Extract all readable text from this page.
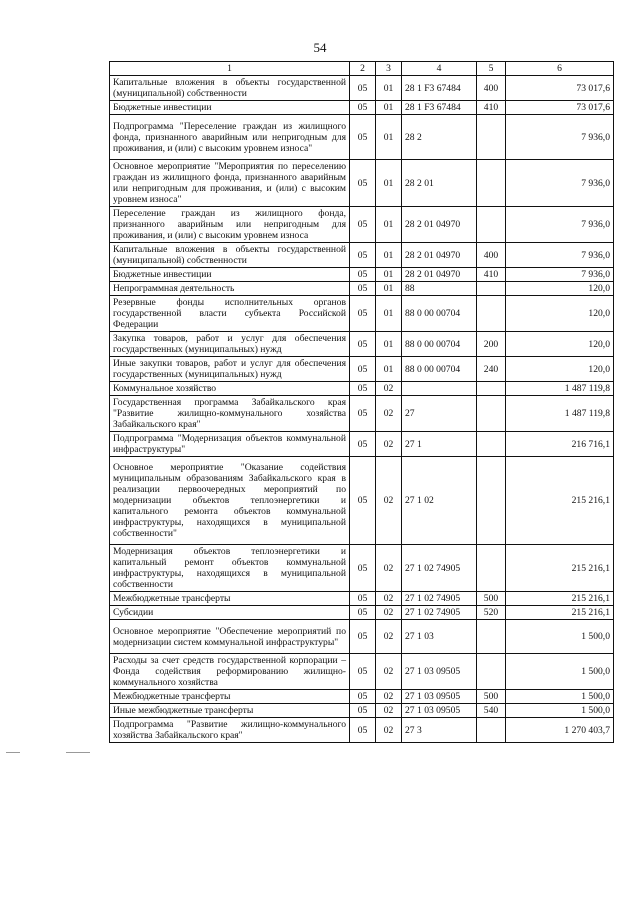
54
1	2	3	4	5	6
Капитальные вложения в объекты государственной (муниципальной) собственности	05	01	28 1 F3 67484	400	73 017,6
Бюджетные инвестиции	05	01	28 1 F3 67484	410	73 017,6
Подпрограмма "Переселение граждан из жилищного фонда, признанного аварийным или непригодным для проживания, и (или) с высоким уровнем износа"	05	01	28 2		7 936,0
Основное мероприятие "Мероприятия по переселению граждан из жилищного фонда, признанного аварийным или непригодным для проживания, и (или) с высоким уровнем износа"	05	01	28 2 01		7 936,0
Переселение граждан из жилищного фонда, признанного аварийным или непригодным для проживания, и (или) с высоким уровнем износа	05	01	28 2 01 04970		7 936,0
Капитальные вложения в объекты государственной (муниципальной) собственности	05	01	28 2 01 04970	400	7 936,0
Бюджетные инвестиции	05	01	28 2 01 04970	410	7 936,0
Непрограммная деятельность	05	01	88		120,0
Резервные фонды исполнительных органов государственной власти субъекта Российской Федерации	05	01	88 0 00 00704		120,0
Закупка товаров, работ и услуг для обеспечения государственных (муниципальных) нужд	05	01	88 0 00 00704	200	120,0
Иные закупки товаров, работ и услуг для обеспечения государственных (муниципальных) нужд	05	01	88 0 00 00704	240	120,0
Коммунальное хозяйство	05	02			1 487 119,8
Государственная программа Забайкальского края "Развитие жилищно-коммунального хозяйства Забайкальского края"	05	02	27		1 487 119,8
Подпрограмма "Модернизация объектов коммунальной инфраструктуры"	05	02	27 1		216 716,1
Основное мероприятие "Оказание содействия муниципальным образованиям Забайкальского края в реализации первоочередных мероприятий по модернизации объектов теплоэнергетики и капитального ремонта объектов коммунальной инфраструктуры, находящихся в муниципальной собственности"	05	02	27 1 02		215 216,1
Модернизация объектов теплоэнергетики и капитальный ремонт объектов коммунальной инфраструктуры, находящихся в муниципальной собственности	05	02	27 1 02 74905		215 216,1
Межбюджетные трансферты	05	02	27 1 02 74905	500	215 216,1
Субсидии	05	02	27 1 02 74905	520	215 216,1
Основное мероприятие "Обеспечение мероприятий по модернизации систем коммунальной инфраструктуры"	05	02	27 1 03		1 500,0
Расходы за счет средств государственной корпорации – Фонда содействия реформированию жилищно-коммунального хозяйства	05	02	27 1 03 09505		1 500,0
Межбюджетные трансферты	05	02	27 1 03 09505	500	1 500,0
Иные межбюджетные трансферты	05	02	27 1 03 09505	540	1 500,0
Подпрограмма "Развитие жилищно-коммунального хозяйства Забайкальского края"	05	02	27 3		1 270 403,7
